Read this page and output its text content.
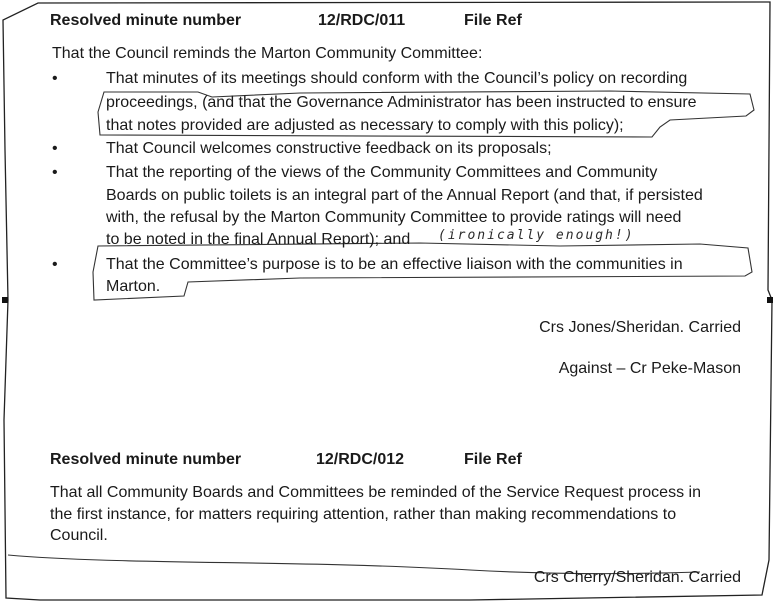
Resolved minute number	12/RDC/011	File Ref
That the Council reminds the Marton Community Committee:
•	That minutes of its meetings should conform with the Council’s policy on recording
proceedings, (and that the Governance Administrator has been instructed to ensure
that notes provided are adjusted as necessary to comply with this policy);
•	That Council welcomes constructive feedback on its proposals;
•	That the reporting of the views of the Community Committees and Community
Boards on public toilets is an integral part of the Annual Report (and that, if persisted
with, the refusal by the Marton Community Committee to provide ratings will need
to be noted in the final Annual Report); and (ironically enough!)
•	That the Committee’s purpose is to be an effective liaison with the communities in
Marton.
Crs Jones/Sheridan. Carried
Against – Cr Peke-Mason
Resolved minute number	12/RDC/012	File Ref
That all Community Boards and Committees be reminded of the Service Request process in
the first instance, for matters requiring attention, rather than making recommendations to
Council.
Crs Cherry/Sheridan. Carried
